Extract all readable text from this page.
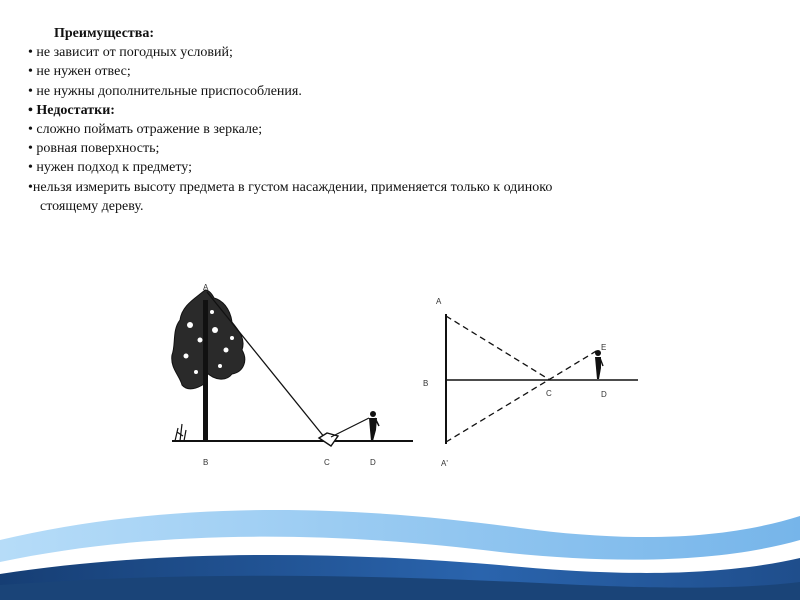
Преимущества:
• не зависит от погодных условий;
• не нужен отвес;
• не нужны дополнительные приспособления.
• Недостатки:
• сложно поймать отражение в зеркале;
• ровная поверхность;
• нужен подход к предмету;
•нельзя измерить высоту предмета в густом насаждении, применяется только к одиноко
стоящему дереву.
A
B	C	D
A
B
C	D
E
A'
